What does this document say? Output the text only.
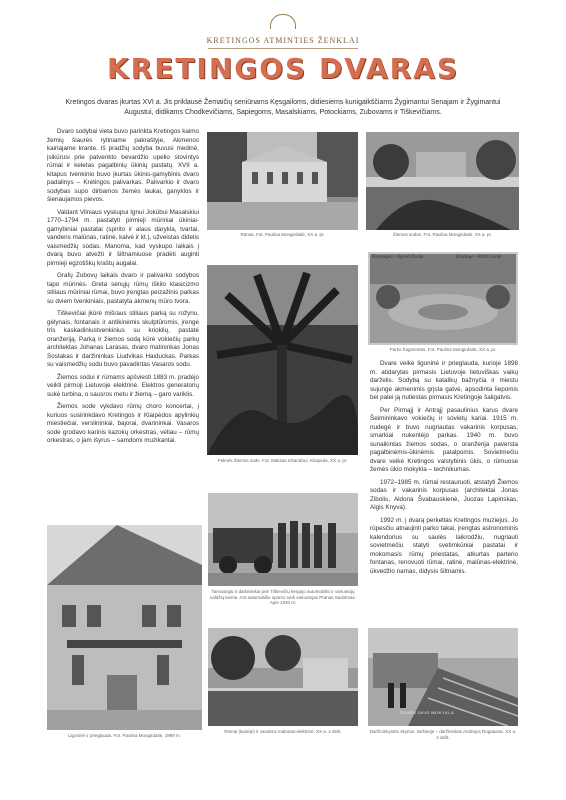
KRETINGOS ATMINTIES ŽENKLAI
KRETINGOS DVARAS
Kretingos dvaras įkurtas XVI a. Jis priklausė Žemaičių seniūnams Kęsgailoms, didiesiems kunigaikščiams Žygimantui Senajam ir Žygimantui Augustui, didikams Chodkevičiams, Sapiegoms, Masalskiams, Potockiams, Zubovams ir Tiškevičiams.

Dvaro sodybai vieta buvo parinkta Kretingos kaimo žemių šiaurės rytiniame pakraštyje, Akmenos kairiajame krante. Iš pradžių sodyba buvusi medinė, įsikūrusi prie patvenkto bevardžio upelio stovintys rūmai ir keletas pagalbinių ūkinių pastatų. XVII a. kitapus tvenkinio buvo įkurtas ūkinis-gamybinis dvaro padalinys – Kretingos palivarkas. Palivarkio ir dvaro sodybas supo dirbamos žemės laukai, ganyklos ir šienaujamos pievos.

Valdant Vilniaus vyskupui Ignui Jokūbui Masalskiui 1770–1794 m. pastatyti pirmieji mūriniai ūkiniai-gamybiniai pastatai (spirito ir alaus darykla, tvartai, vandens malūnas, ratinė, kalvė ir kt.), užveistas didelis vaismedžių sodas. Manoma, kad vyskupo laikais į dvarą buvo atvežti ir šiltnamiuose pradėti auginti pirmieji egzotiškų kraštų augalai.

Grafų Zubovų laikais dvaro ir palivarko sodybos tapo mūrinės. Greta senųjų rūmų iškilo klasicizmo stiliaus mūriniai rūmai, buvo įrengtas peizažinis parkas su dviem tvenkiniais, pastatyta akmenų mūro tvora.

Tiškevičiai įkūrė mišraus stiliaus parką su rožynu, gėlynais, fontanais ir antikinėmis skulptūromis, įrengė tris kaskadiniustvenkinius su krioklių, pastatė oranžeriją. Parką ir žiemos sodą kūrė vokiečių parkų architektas Johanas Larasas, dvaro matininkas Jonas Sostakas ir daržininkas Liudvikas Haiduckas. Parkas su vaismedžių sodu buvo pavadintas Vasaros sodu.

Žiemos sodui ir rūmams apšviesti 1883 m. pradėjo veikti pirmoji Lietuvoje elektrinė. Elektros generatorių sukė turbina, o sausros metu ir žiemą – garo variklis.

Žiemos sode vykdavo rūmų choro koncertai, į kuriuos susirinkdavo Kretingos ir Klaipėdos apylinkių miestiečiai, verslininkai, bajorai, dvarininkai. Vasaros sode grodavo karinis kazokų orkestras, vėliau – rūmų orkestras, o jam išyrus – samdomi muzikantai.

Rūmai. Fot. Paulina Mongirdaitė, XX a. pr.	Žiemos sodas. Fot. Paulina Mongirdaitė. XX a. pr.
Palmės Žiemos sode. Fot. Maksas Ichandrus. Klaipėda, XX a. pr.
Kretyngen - Ogród Parku	Kretinge - Parti Garde
Parko fragmentas. Fot. Paulina Mongirdaitė, XX a. pr.

Dvare veikė ligoninė ir prieglauda, kurioje 1898 m. atidarytas pirmasis Lietuvoje lietuviškas vaikų darželis. Sodybą su katalikų bažnyčia ir miestu sujungė akmenimis grįsta gatvė, apsodinta liepomis bei palei ją nutiestas pirmasis Kretingoje šaligatvis.

Per Pirmąjį ir Antrąjį pasaulinius karus dvare Šeimininkavo vokiečių ir sovietų kariai. 1915 m. nudegė ir buvo nugriautas vakarinis korpusas, smarkiai nukentėjo parkas. 1940 m. buvo sunaikintas žiemos sodas, o oranžerija paversta pagalbinėmis-ūkinėmis patalpomis. Sovietmečiu dvare veikė Kretingos valstybinis ūkis, o rūmuose žemės ūkio mokykla – technikumas.

1972–1985 m. rūmai restauruoti, atstatyti Žiemos sodas ir vakarinis korpusas (architektai Jonas Zibolis, Aldona Švabauskienė, Juozas Lapinskas, Algis Knyva).

1992 m. į dvarą perkeltas Kretingos muziejus. Jo rūpesčiu atnaujinti parko takai, įrengtas astronominis kalendorius su saulės laikrodžiu, nugriauti sovietmečiu statyti svetimkūniai pastatai ir mokomasis rūmų priestatas, atkurtas parterio fontanas, renovuoti rūmai, ratinė, malūnas-elektrinė, ūkvedžio namas, didysis šiltnamis.

Ligoninė ir prieglauda. Fot. Paulina Mongirdaitė, 1899 m.
Tarnautojai ir darbininkai prie Tiškevičių kergojo automobilio ir vairuotojų valdžių kieme. Ant automobilio sparno sėdi vairuotojas Pranas Sadirimas. Apie 1930 m.
Rūmai (kairėje) ir vandens malūnas-elektrinė. XX a. 4 dešt.
ŽEMĖS ŪKIO MOKYKLA
Daržininkystės skyrius. Dešinėje – daržininkas Andrejus Rogaturas. XX a. 4 dešt.
